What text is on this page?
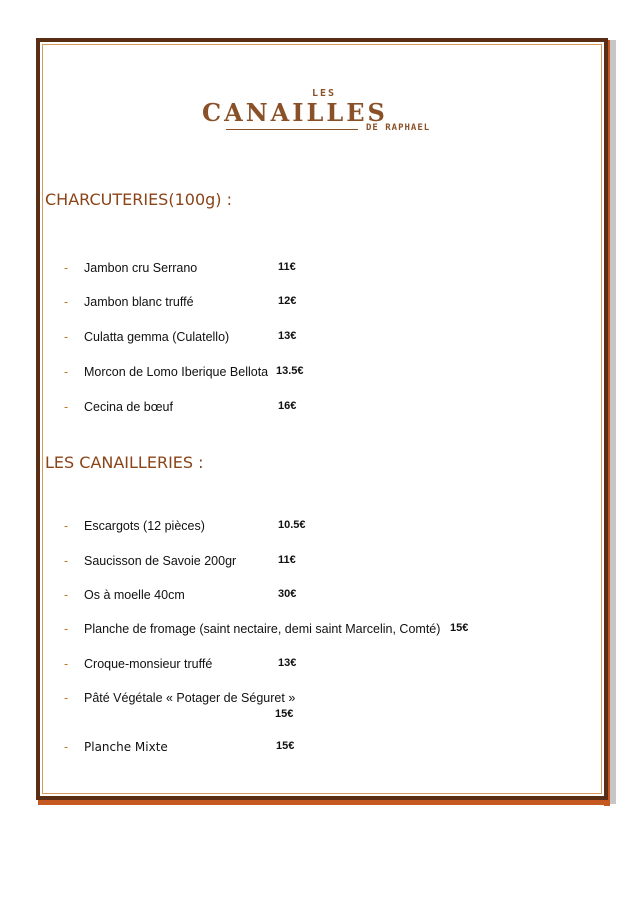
LES
CANAILLES
DE RAPHAEL
CHARCUTERIES(100g) :
- Jambon cru Serrano	11€
- Jambon blanc truffé	12€
- Culatta gemma (Culatello)	13€
- Morcon de Lomo Iberique Bellota 13.5€
- Cecina de bœuf	16€
LES CANAILLERIES :
- Escargots (12 pièces)	10.5€
- Saucisson de Savoie 200gr	11€
- Os à moelle 40cm	30€
- Planche de fromage (saint nectaire, demi saint Marcelin, Comté) 15€
- Croque-monsieur truffé	13€
- Pâté Végétale « Potager de Séguret »
15€
- Planche Mixte	15€
